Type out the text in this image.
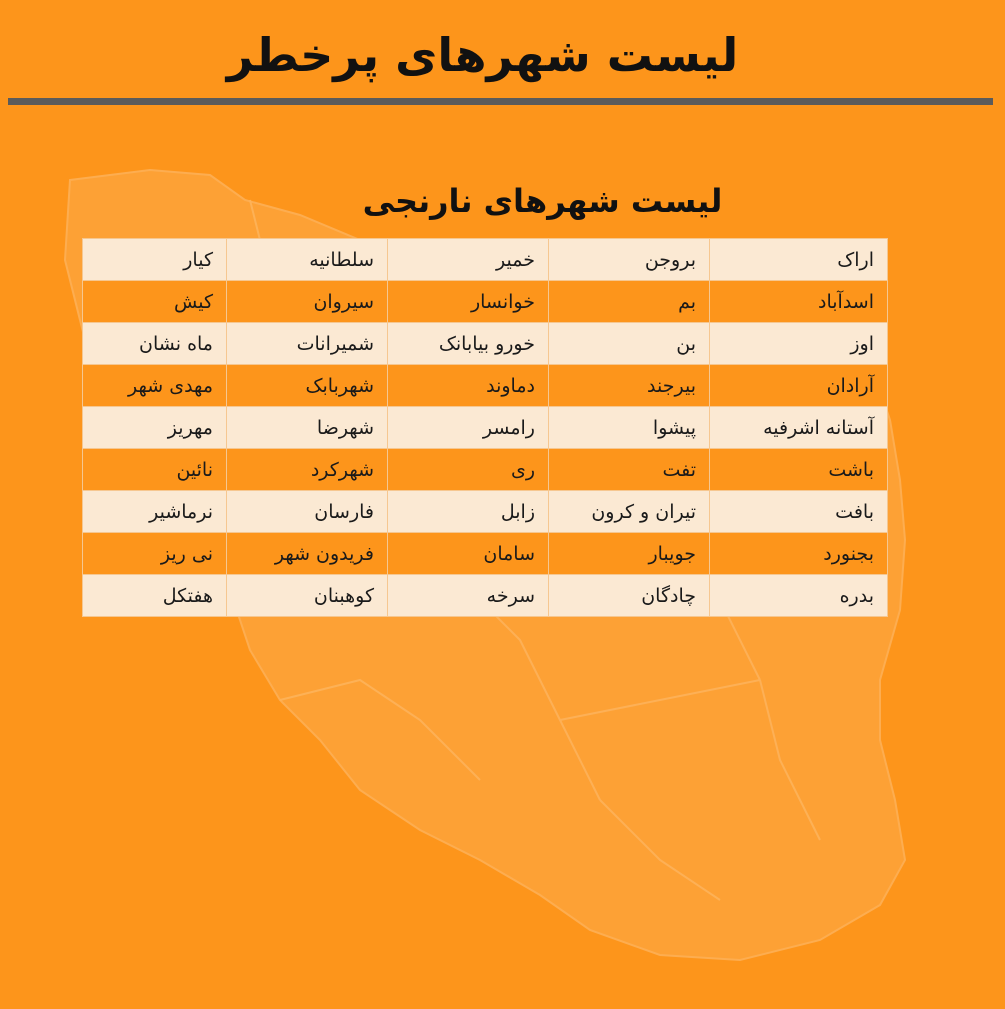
لیست شهرهای پرخطر
لیست شهرهای نارنجی
اراک	بروجن	خمیر	سلطانیه	کیار
اسدآباد	بم	خوانسار	سیروان	کیش
اوز	بن	خورو بیابانک	شمیرانات	ماه نشان
آرادان	بیرجند	دماوند	شهربابک	مهدی شهر
آستانه اشرفیه	پیشوا	رامسر	شهرضا	مهریز
باشت	تفت	ری	شهرکرد	نائین
بافت	تیران و کرون	زابل	فارسان	نرماشیر
بجنورد	جویبار	سامان	فریدون شهر	نی ریز
بدره	چادگان	سرخه	کوهبنان	هفتکل
